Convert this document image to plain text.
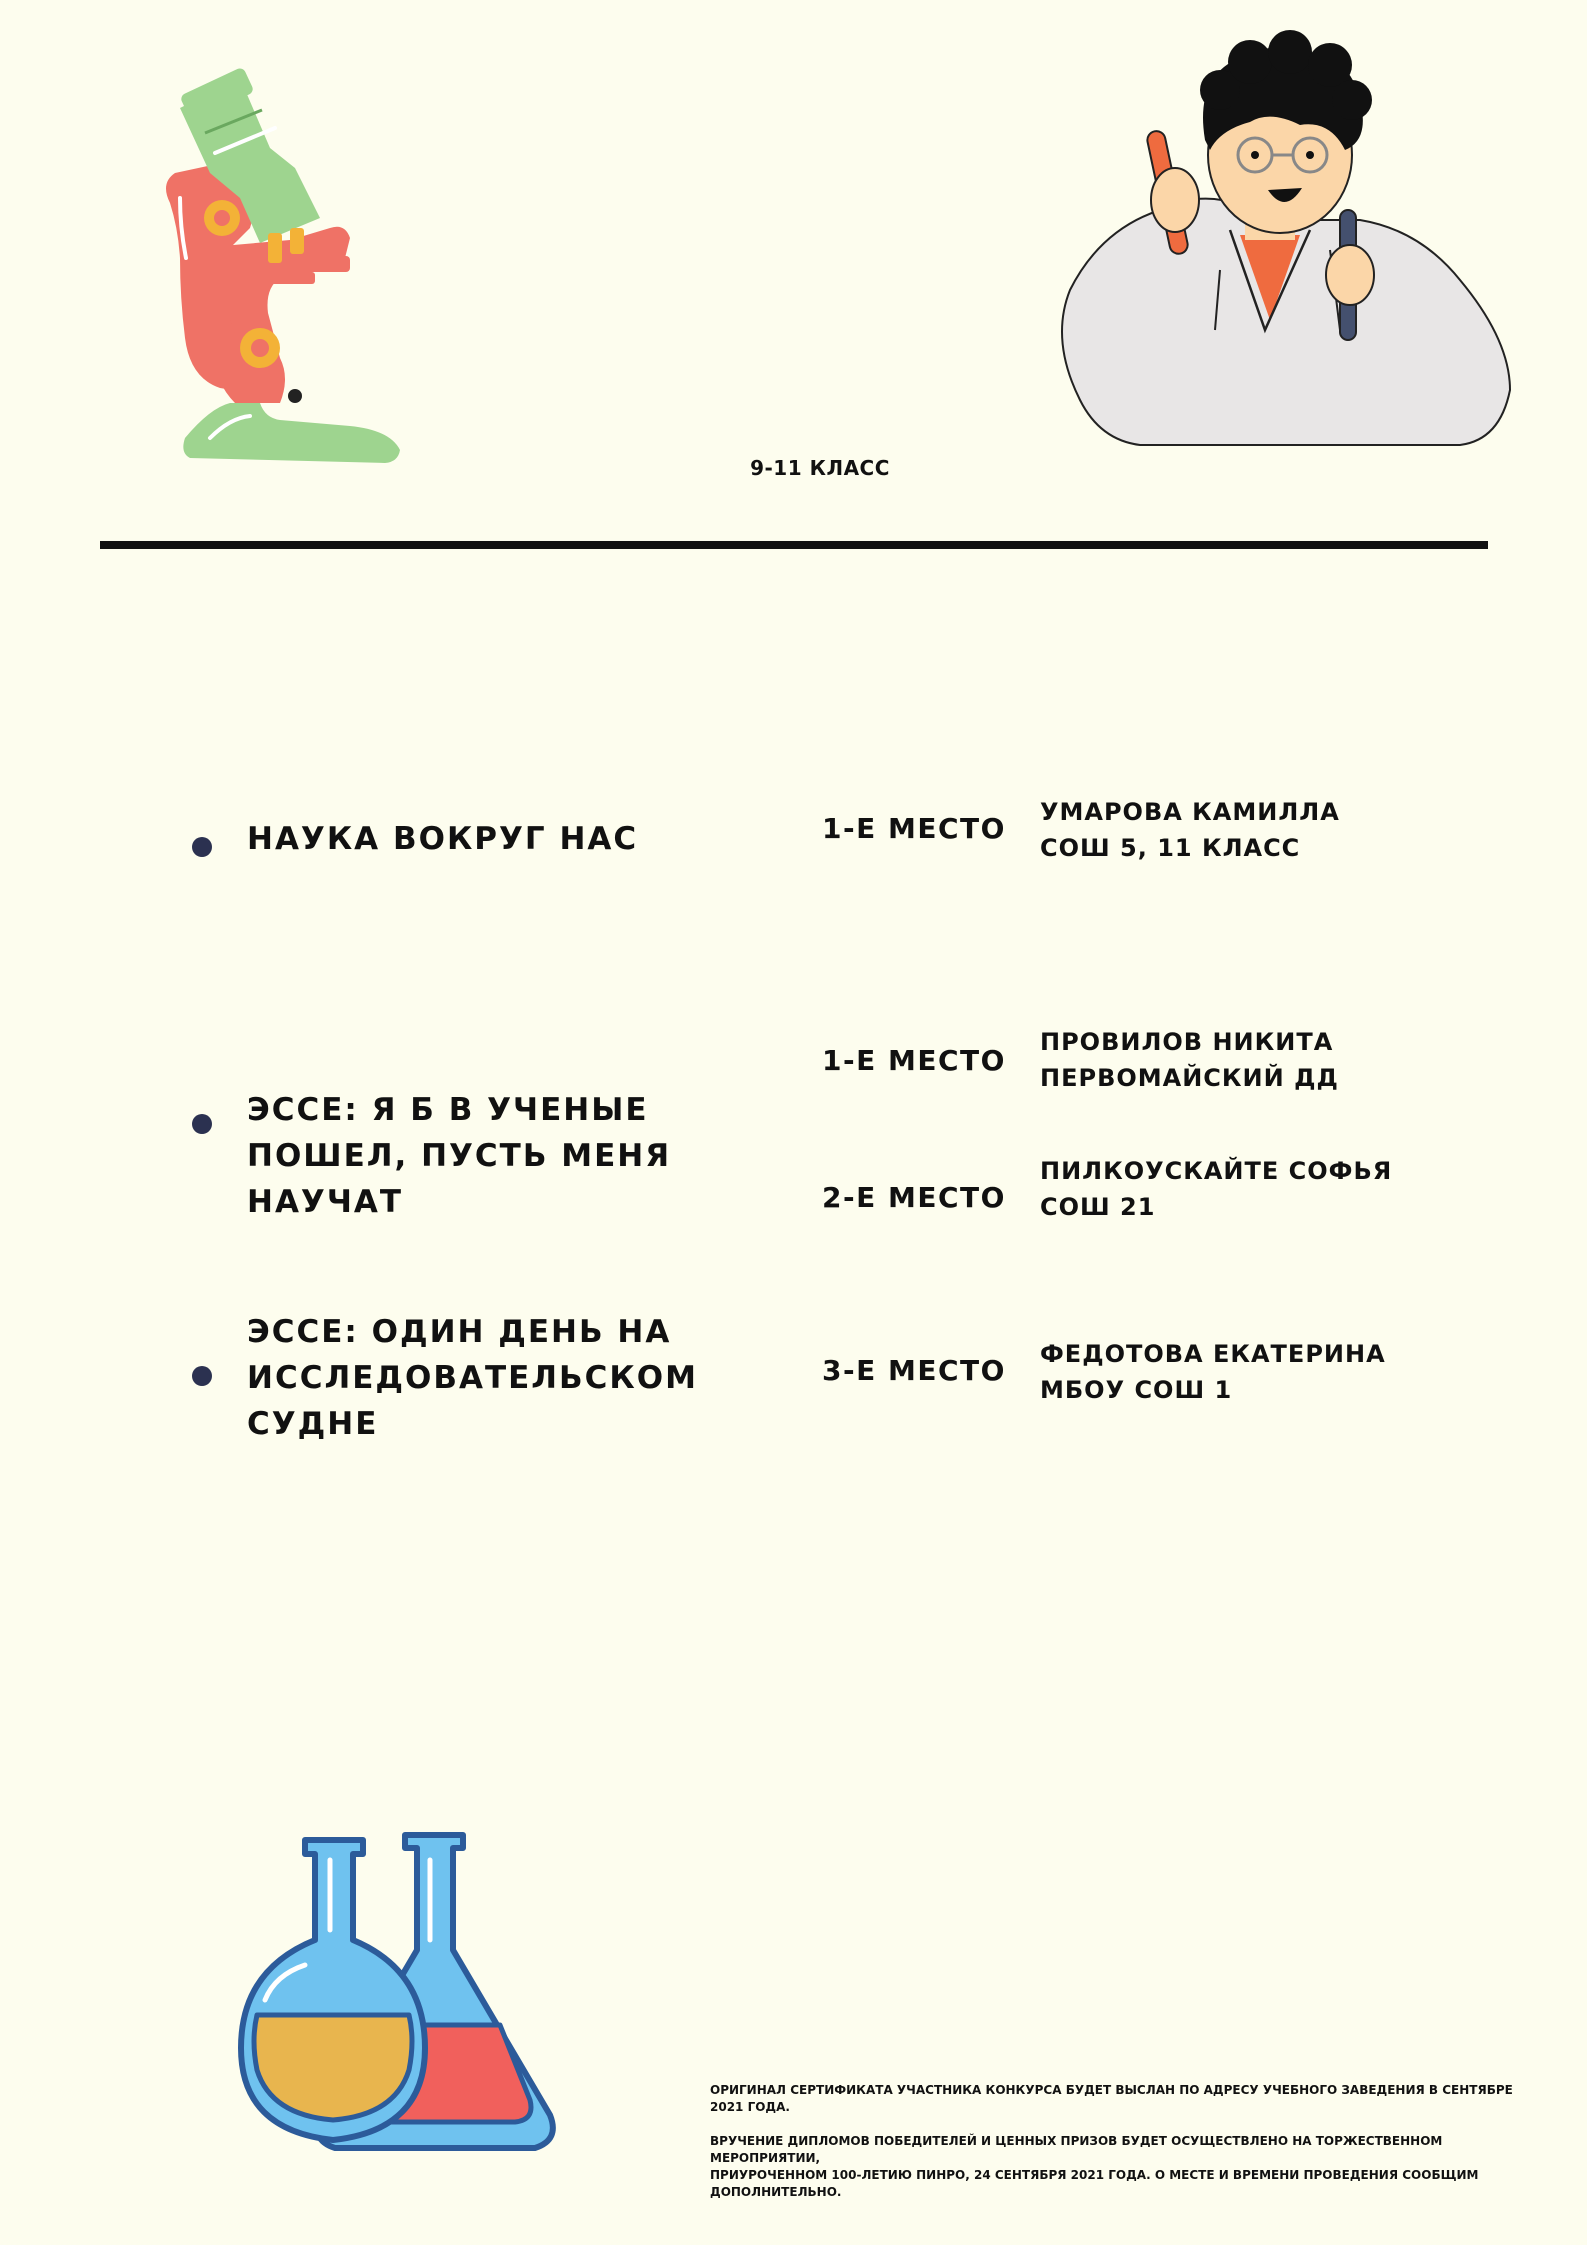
9-11 КЛАСС
НАУКА ВОКРУГ НАС	1-Е МЕСТО УМАРОВА КАМИЛЛА
СОШ 5, 11 КЛАСС
ЭССЕ: Я Б В УЧЕНЫЕ ПОШЕЛ, ПУСТЬ МЕНЯ НАУЧАТ
1-Е МЕСТО
ПРОВИЛОВ НИКИТА
ПЕРВОМАЙСКИЙ ДД
2-Е МЕСТО
ПИЛКОУСКАЙТЕ СОФЬЯ
СОШ 21
ЭССЕ: ОДИН ДЕНЬ НА ИССЛЕДОВАТЕЛЬСКОМ СУДНЕ
3-Е МЕСТО ФЕДОТОВА ЕКАТЕРИНА
МБОУ СОШ 1

ОРИГИНАЛ СЕРТИФИКАТА УЧАСТНИКА КОНКУРСА БУДЕТ ВЫСЛАН ПО АДРЕСУ УЧЕБНОГО ЗАВЕДЕНИЯ В СЕНТЯБРЕ 2021 ГОДА.

ВРУЧЕНИЕ ДИПЛОМОВ ПОБЕДИТЕЛЕЙ И ЦЕННЫХ ПРИЗОВ БУДЕТ ОСУЩЕСТВЛЕНО НА ТОРЖЕСТВЕННОМ МЕРОПРИЯТИИ,
ПРИУРОЧЕННОМ 100-ЛЕТИЮ ПИНРО, 24 СЕНТЯБРЯ 2021 ГОДА. О МЕСТЕ И ВРЕМЕНИ ПРОВЕДЕНИЯ СООБЩИМ ДОПОЛНИТЕЛЬНО.
